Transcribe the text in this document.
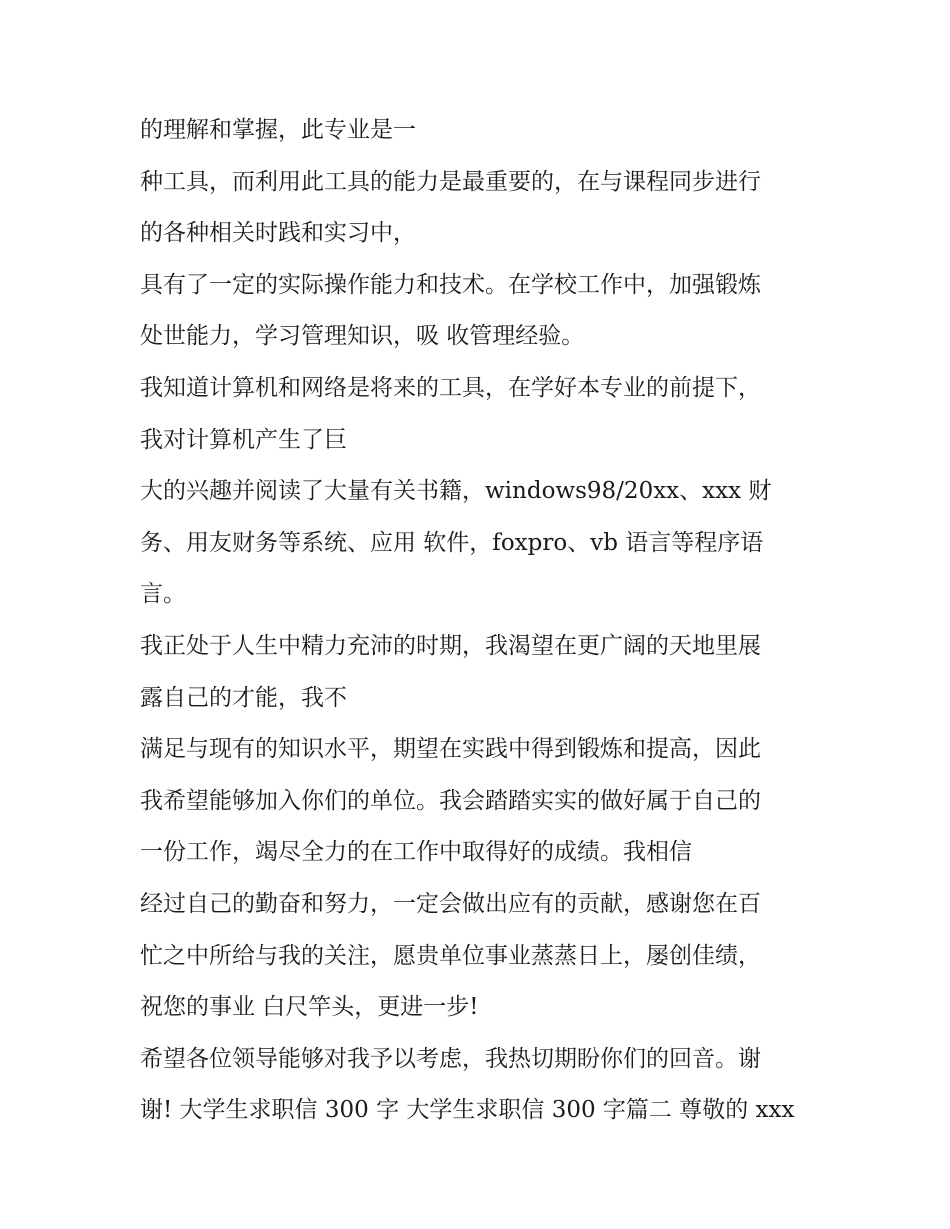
的理解和掌握，此专业是一

种工具，而利用此工具的能力是最重要的，在与课程同步进行

的各种相关时践和实习中，

具有了一定的实际操作能力和技术。在学校工作中，加强锻炼

处世能力，学习管理知识，吸 收管理经验。

我知道计算机和网络是将来的工具，在学好本专业的前提下，

我对计算机产生了巨

大的兴趣并阅读了大量有关书籍，windows98/20xx、xxx 财

务、用友财务等系统、应用 软件，foxpro、vb 语言等程序语

言。

我正处于人生中精力充沛的时期，我渴望在更广阔的天地里展

露自己的才能，我不

满足与现有的知识水平，期望在实践中得到锻炼和提高，因此

我希望能够加入你们的单位。我会踏踏实实的做好属于自己的

一份工作，竭尽全力的在工作中取得好的成绩。我相信

经过自己的勤奋和努力，一定会做出应有的贡献，感谢您在百

忙之中所给与我的关注，愿贵单位事业蒸蒸日上，屡创佳绩，

祝您的事业 白尺竿头，更进一步!

希望各位领导能够对我予以考虑，我热切期盼你们的回音。谢

谢! 大学生求职信 300 字 大学生求职信 300 字篇二 尊敬的 xxx
